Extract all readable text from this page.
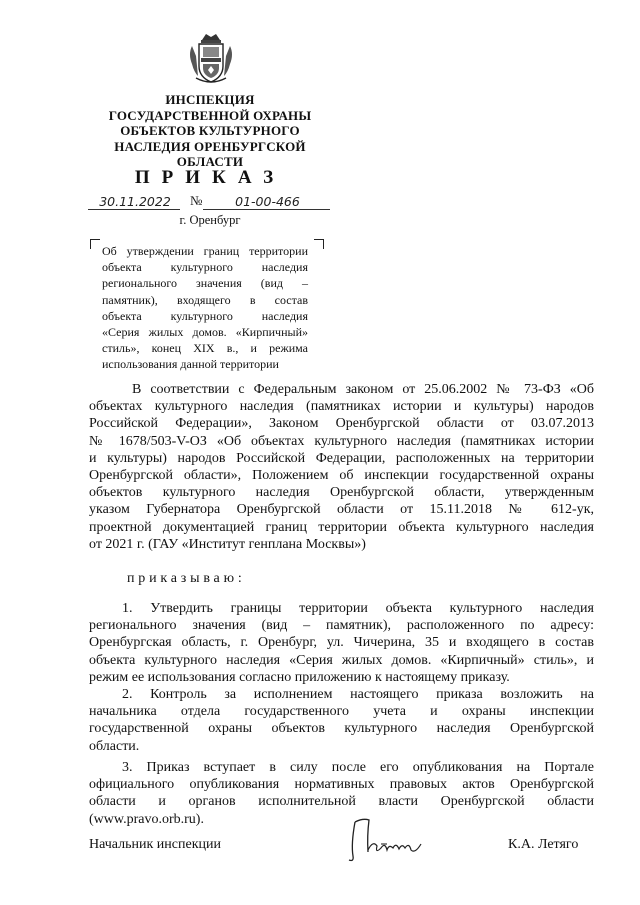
ИНСПЕКЦИЯ
ГОСУДАРСТВЕННОЙ ОХРАНЫ
ОБЪЕКТОВ КУЛЬТУРНОГО
НАСЛЕДИЯ ОРЕНБУРГСКОЙ
ОБЛАСТИ
ПРИКАЗ
30.11.2022	№	01-00-466
г. Оренбург
Об утверждении границ территории
объекта культурного наследия
регионального значения (вид –
памятник), входящего в состав
объекта культурного наследия
«Серия жилых домов. «Кирпичный»
стиль», конец XIX в., и режима
использования данной территории
В соответствии с Федеральным законом от 25.06.2002 № 73-ФЗ «Об
объектах культурного наследия (памятниках истории и культуры) народов
Российской Федерации», Законом Оренбургской области от 03.07.2013
№ 1678/503-V-ОЗ «Об объектах культурного наследия (памятниках истории
и культуры) народов Российской Федерации, расположенных на территории
Оренбургской области», Положением об инспекции государственной охраны
объектов культурного наследия Оренбургской области, утвержденным
указом Губернатора Оренбургской области от 15.11.2018 № 612-ук,
проектной документацией границ территории объекта культурного наследия
от 2021 г. (ГАУ «Институт генплана Москвы»)
приказываю:
1. Утвердить границы территории объекта культурного наследия
регионального значения (вид – памятник), расположенного по адресу:
Оренбургская область, г. Оренбург, ул. Чичерина, 35 и входящего в состав
объекта культурного наследия «Серия жилых домов. «Кирпичный» стиль», и
режим ее использования согласно приложению к настоящему приказу.
2. Контроль за исполнением настоящего приказа возложить на
начальника отдела государственного учета и охраны инспекции
государственной охраны объектов культурного наследия Оренбургской
области.
3. Приказ вступает в силу после его опубликования на Портале
официального опубликования нормативных правовых актов Оренбургской
области и органов исполнительной власти Оренбургской области
(www.pravo.orb.ru).
Начальник инспекции	К.А. Летяго
